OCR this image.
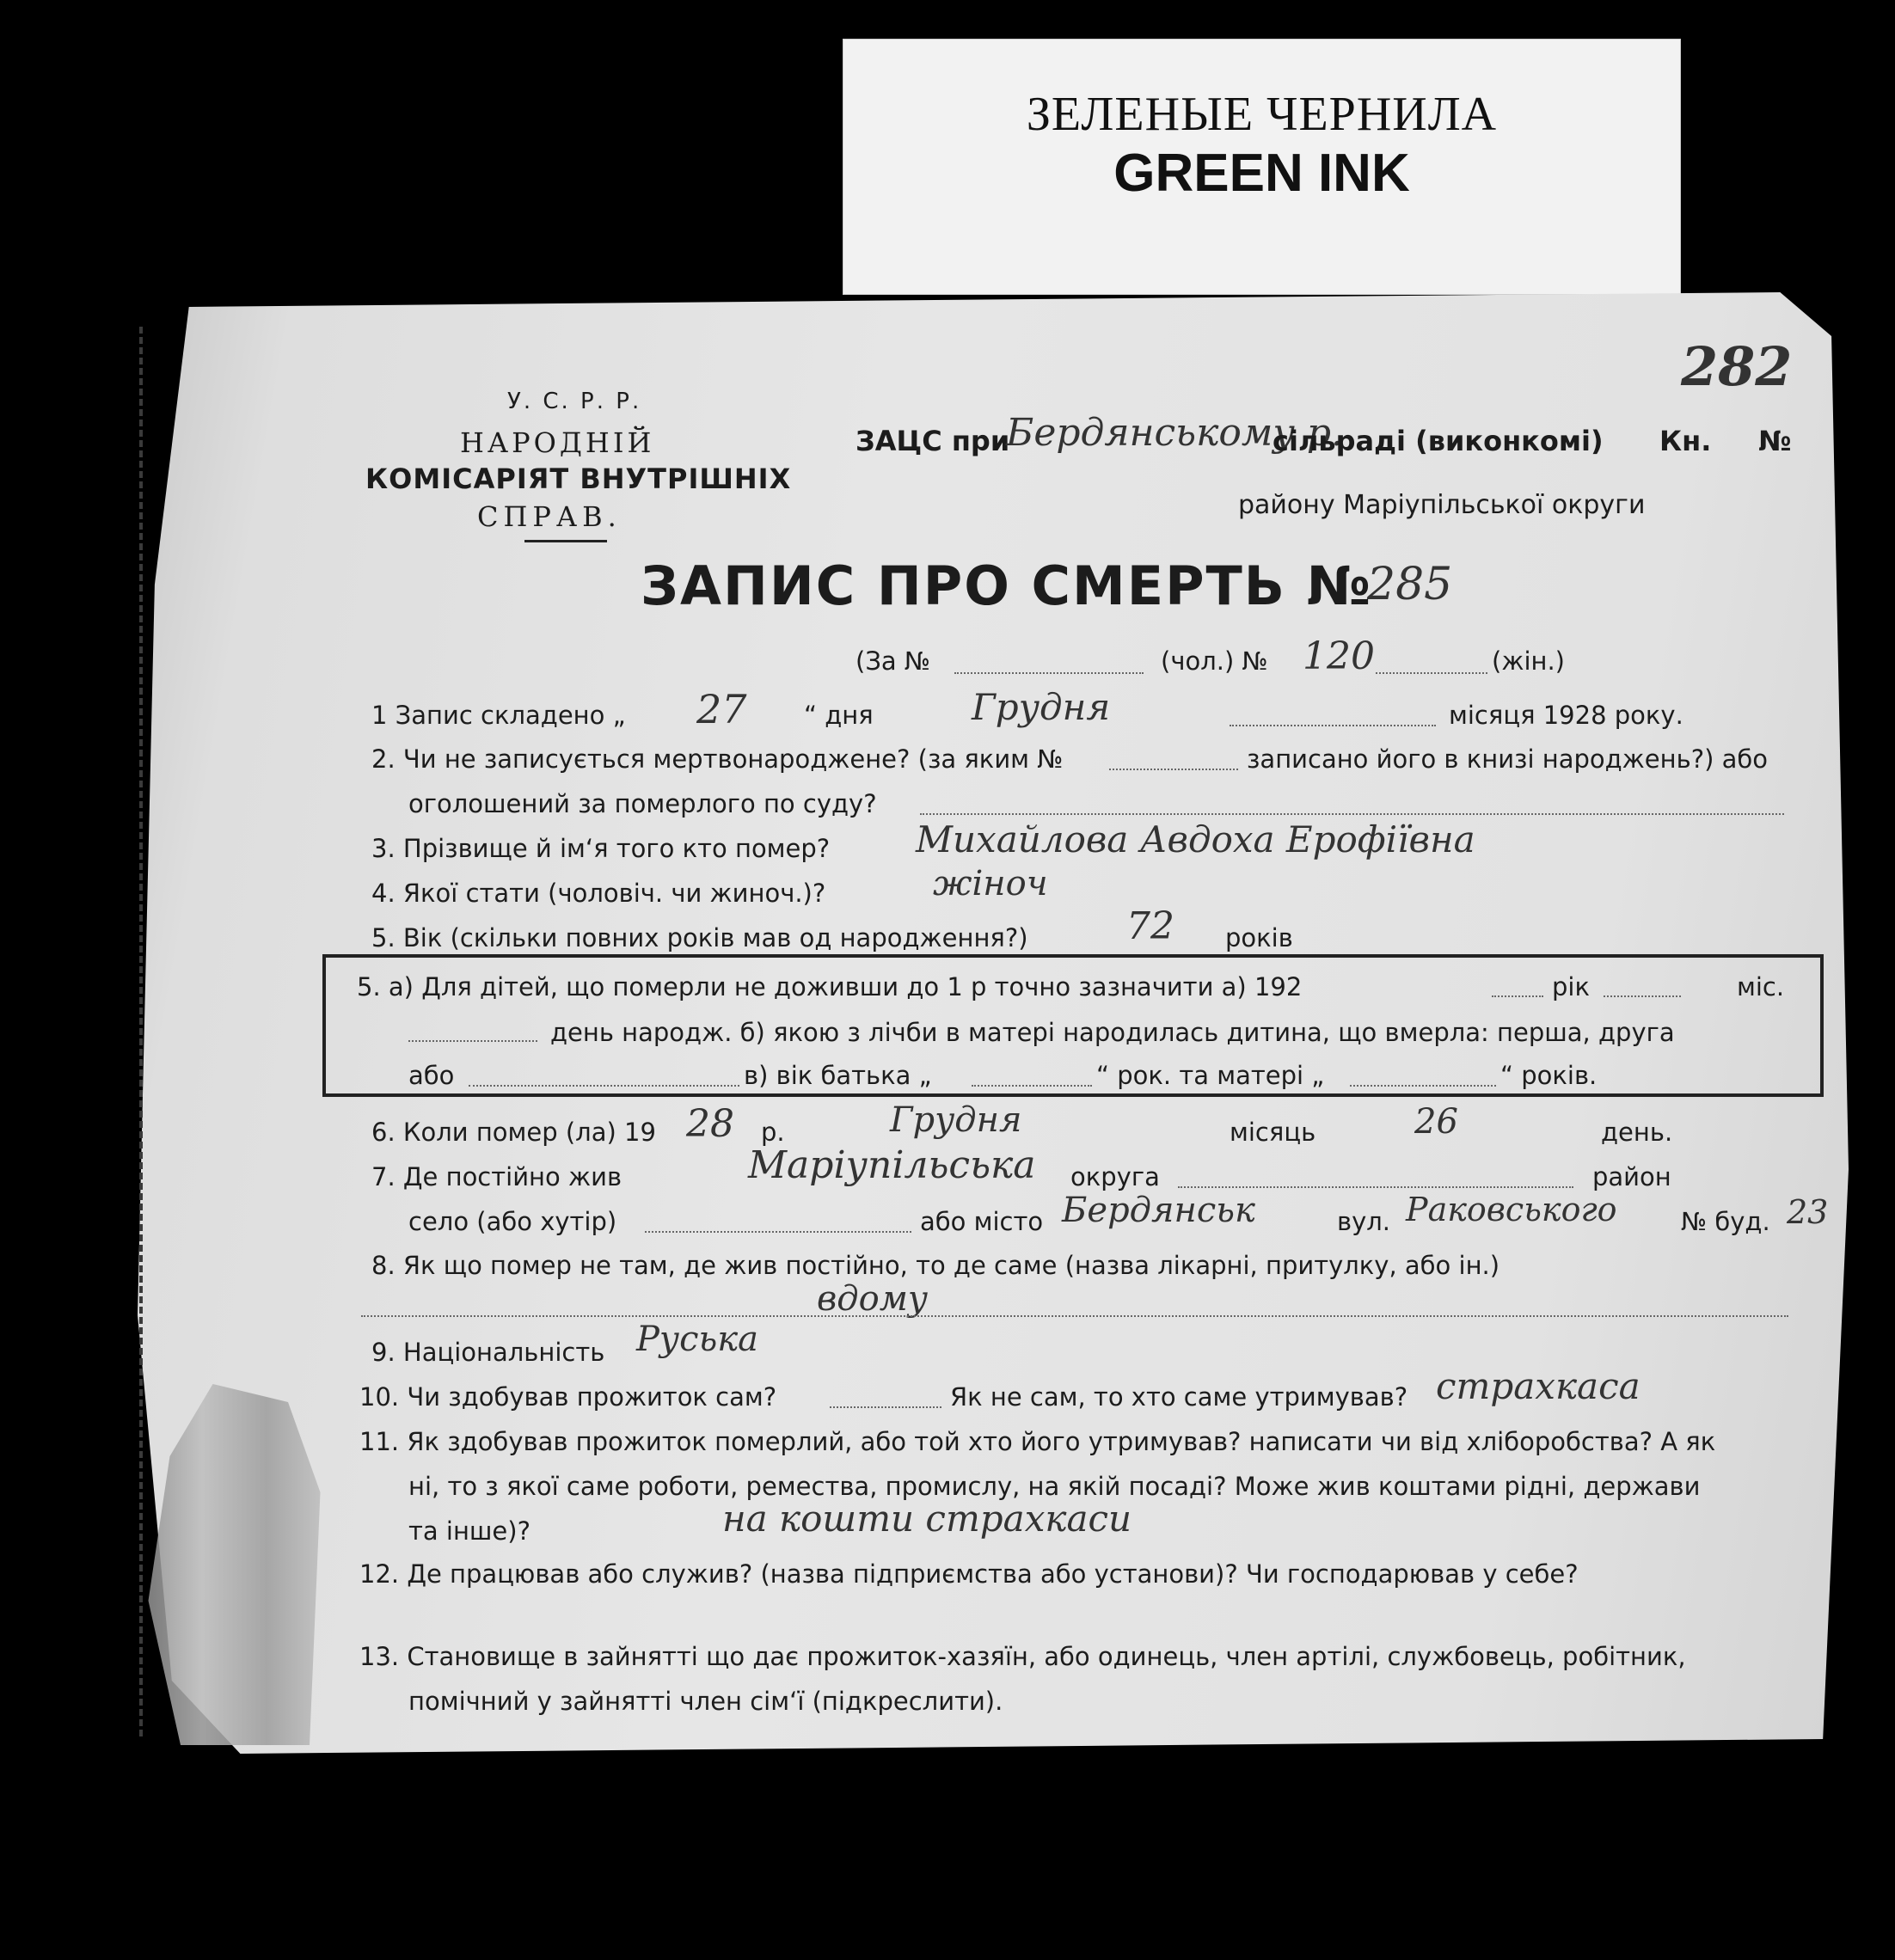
ЗЕЛЕНЫЕ ЧЕРНИЛА
GREEN INK
282
У. С. Р. Р.
НАРОДНІЙ
КОМІСАРІЯТ ВНУТРІШНІХ
СПРАВ.
ЗАЦС при
Бердянському р.
сільраді (виконкомі) Кн. №
району Маріупільської округи
ЗАПИС ПРО СМЕРТЬ №
285
(За №	(чол.) № 120	(жін.)
1 Запис складено „ 27 “ дня	Грудня	місяця 1928 року.
2. Чи не записується мертвонароджене? (за яким №	записано його в книзі народжень?) або
оголошений за померлого по суду?
3. Прізвище й ім‘я того кто помер? Михайлова Авдоха Ерофіївна
4. Якої стати (чоловіч. чи жиноч.)?	жіноч
5. Вік (скільки повних років мав од народження?)	72 років
5. а) Для дітей, що померли не доживши до 1 р точно зазначити а) 192	рік	міс.
день народж. б) якою з лічби в матері народилась дитина, що вмерла: перша, друга
або	в) вік батька „	“ рок. та матері „	“ років.
6. Коли помер (ла) 19 28 р.	Грудня	місяць	26	день.
7. Де постійно жив	Маріупільська округа	район
село (або хутір)	або місто Бердянськ	вул. Раковського	№ буд. 23
8. Як що помер не там, де жив постійно, то де саме (назва лікарні, притулку, або ін.)
вдому
9. Національність Руська
10. Чи здобував прожиток сам?	Як не сам, то хто саме утримував? страхкаса
11. Як здобував прожиток померлий, або той хто його утримував? написати чи від хліборобства? А як
ні, то з якої саме роботи, ремества, промислу, на якій посаді? Може жив коштами рідні, держави
та інше)?	на кошти страхкаси
12. Де працював або служив? (назва підприємства або установи)? Чи господарював у себе?
13. Становище в зайнятті що дає прожиток-хазяїн, або одинець, член артілі, службовець, робітник,
помічний у зайнятті член сім‘ї (підкреслити).
